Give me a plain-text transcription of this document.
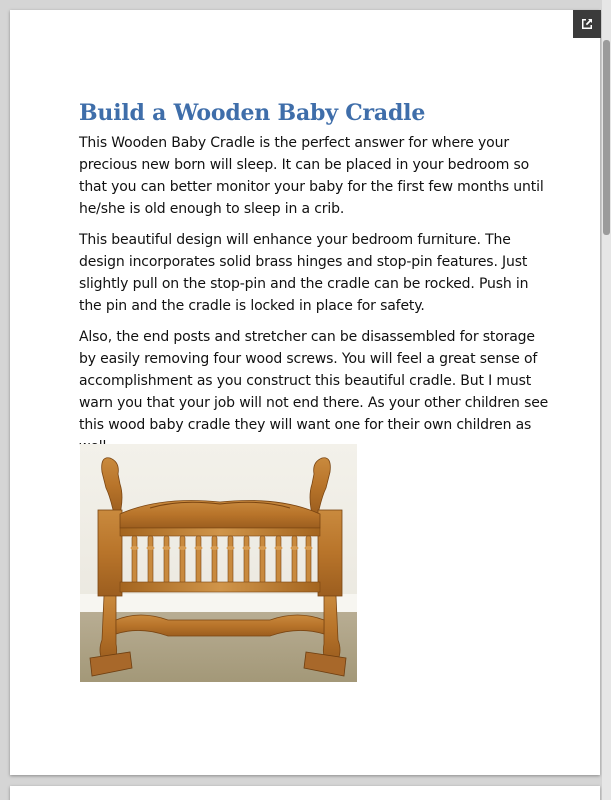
Build a Wooden Baby Cradle

This Wooden Baby Cradle is the perfect answer for where your precious new born will sleep. It can be placed in your bedroom so that you can better monitor your baby for the first few months until he/she is old enough to sleep in a crib.

This beautiful design will enhance your bedroom furniture. The design incorporates solid brass hinges and stop-pin features. Just slightly pull on the stop-pin and the cradle can be rocked. Push in the pin and the cradle is locked in place for safety.

Also, the end posts and stretcher can be disassembled for storage by easily removing four wood screws. You will feel a great sense of accomplishment as you construct this beautiful cradle. But I must warn you that your job will not end there. As your other children see this wood baby cradle they will want one for their own children as
